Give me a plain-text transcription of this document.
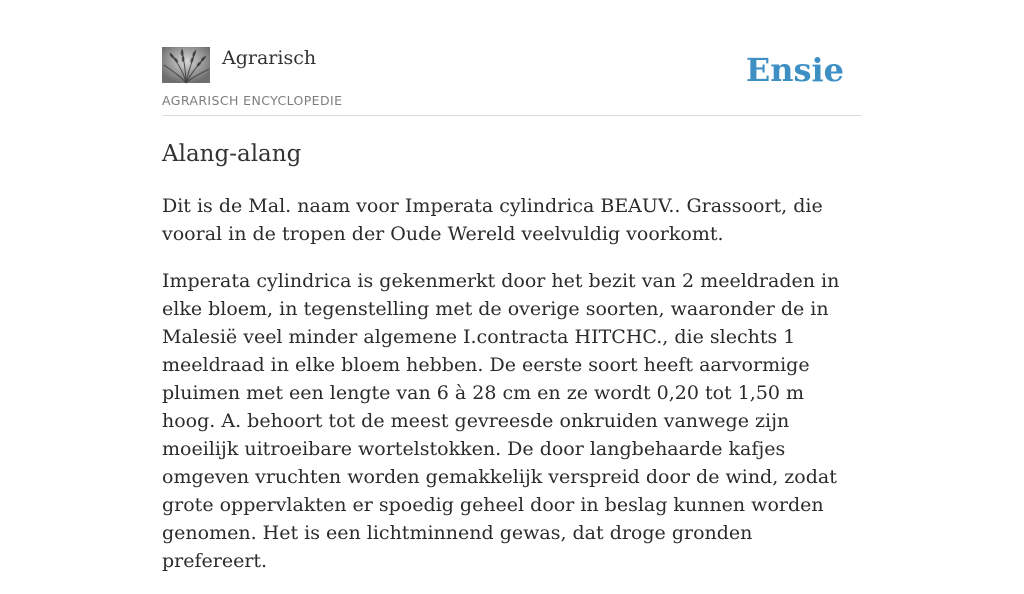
Agrarisch
AGRARISCH ENCYCLOPEDIE
Ensie
Alang-alang

Dit is de Mal. naam voor Imperata cylindrica BEAUV.. Grassoort, die vooral in de tropen der Oude Wereld veelvuldig voorkomt.

Imperata cylindrica is gekenmerkt door het bezit van 2 meeldraden in elke bloem, in tegenstelling met de overige soorten, waaronder de in Malesië veel minder algemene I.contracta HITCHC., die slechts 1 meeldraad in elke bloem hebben. De eerste soort heeft aarvormige pluimen met een lengte van 6 à 28 cm en ze wordt 0,20 tot 1,50 m hoog. A. behoort tot de meest gevreesde onkruiden vanwege zijn moeilijk uitroeibare wortelstokken. De door langbehaarde kafjes omgeven vruchten worden gemakkelijk verspreid door de wind, zodat grote oppervlakten er spoedig geheel door in beslag kunnen worden genomen. Het is een lichtminnend gewas, dat droge gronden prefereert.
